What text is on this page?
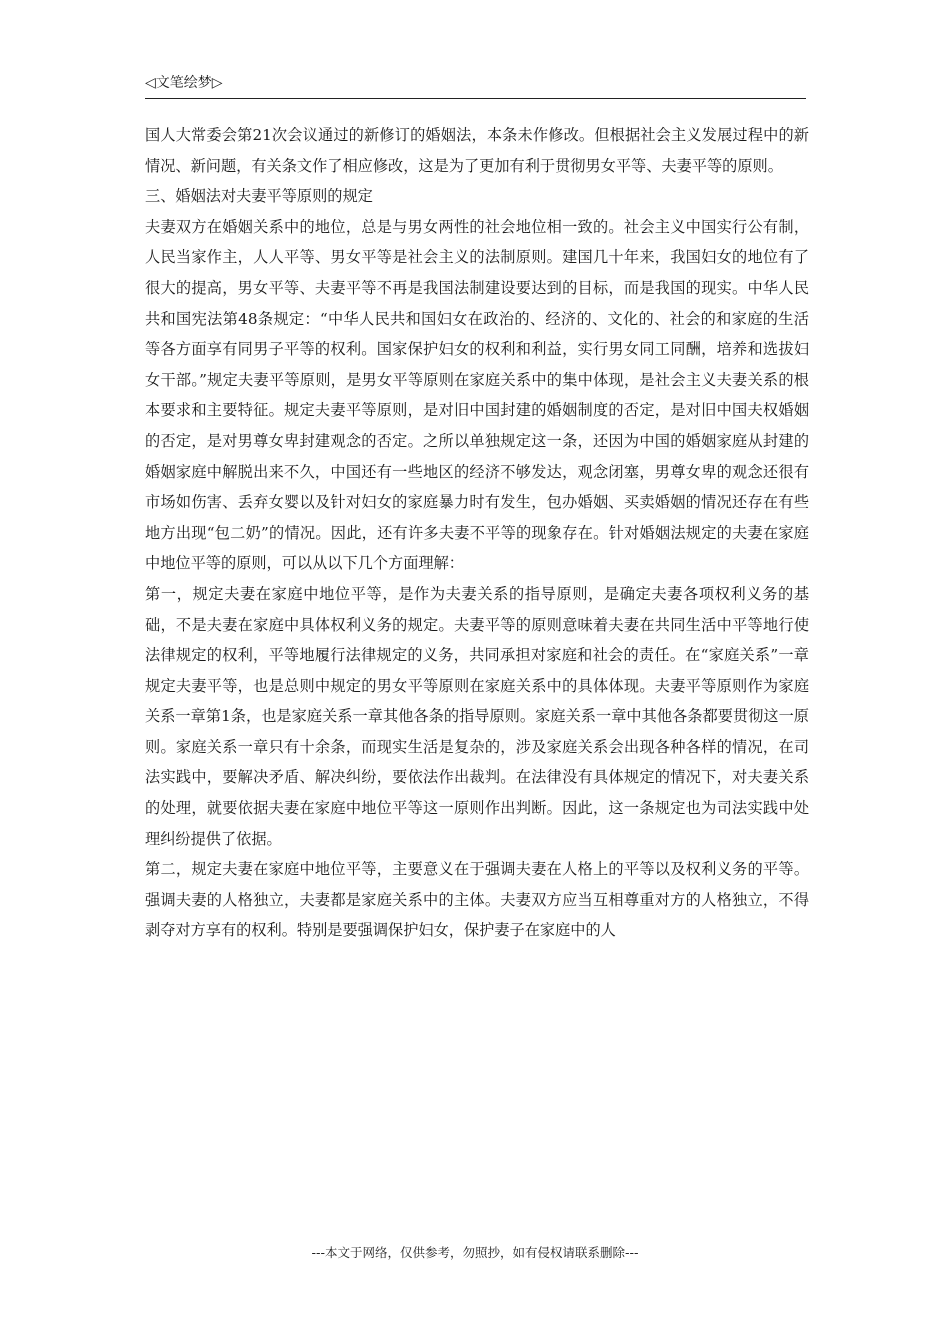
◁文笔绘梦▷

国人大常委会第21次会议通过的新修订的婚姻法，本条未作修改。但根据社会主义发展过程中的新情况、新问题，有关条文作了相应修改，这是为了更加有利于贯彻男女平等、夫妻平等的原则。

三、婚姻法对夫妻平等原则的规定

夫妻双方在婚姻关系中的地位，总是与男女两性的社会地位相一致的。社会主义中国实行公有制，人民当家作主，人人平等、男女平等是社会主义的法制原则。建国几十年来，我国妇女的地位有了很大的提高，男女平等、夫妻平等不再是我国法制建设要达到的目标，而是我国的现实。中华人民共和国宪法第48条规定：“中华人民共和国妇女在政治的、经济的、文化的、社会的和家庭的生活等各方面享有同男子平等的权利。国家保护妇女的权利和利益，实行男女同工同酬，培养和选拔妇女干部。”规定夫妻平等原则，是男女平等原则在家庭关系中的集中体现，是社会主义夫妻关系的根本要求和主要特征。规定夫妻平等原则，是对旧中国封建的婚姻制度的否定，是对旧中国夫权婚姻的否定，是对男尊女卑封建观念的否定。之所以单独规定这一条，还因为中国的婚姻家庭从封建的婚姻家庭中解脱出来不久，中国还有一些地区的经济不够发达，观念闭塞，男尊女卑的观念还很有市场如伤害、丢弃女婴以及针对妇女的家庭暴力时有发生，包办婚姻、买卖婚姻的情况还存在有些地方出现“包二奶”的情况。因此，还有许多夫妻不平等的现象存在。针对婚姻法规定的夫妻在家庭中地位平等的原则，可以从以下几个方面理解：

第一，规定夫妻在家庭中地位平等，是作为夫妻关系的指导原则，是确定夫妻各项权利义务的基础，不是夫妻在家庭中具体权利义务的规定。夫妻平等的原则意味着夫妻在共同生活中平等地行使法律规定的权利，平等地履行法律规定的义务，共同承担对家庭和社会的责任。在“家庭关系”一章规定夫妻平等，也是总则中规定的男女平等原则在家庭关系中的具体体现。夫妻平等原则作为家庭关系一章第1条，也是家庭关系一章其他各条的指导原则。家庭关系一章中其他各条都要贯彻这一原则。家庭关系一章只有十余条，而现实生活是复杂的，涉及家庭关系会出现各种各样的情况，在司法实践中，要解决矛盾、解决纠纷，要依法作出裁判。在法律没有具体规定的情况下，对夫妻关系的处理，就要依据夫妻在家庭中地位平等这一原则作出判断。因此，这一条规定也为司法实践中处理纠纷提供了依据。

第二，规定夫妻在家庭中地位平等，主要意义在于强调夫妻在人格上的平等以及权利义务的平等。强调夫妻的人格独立，夫妻都是家庭关系中的主体。夫妻双方应当互相尊重对方的人格独立，不得剥夺对方享有的权利。特别是要强调保护妇女，保护妻子在家庭中的人

---本文于网络，仅供参考，勿照抄，如有侵权请联系删除---
